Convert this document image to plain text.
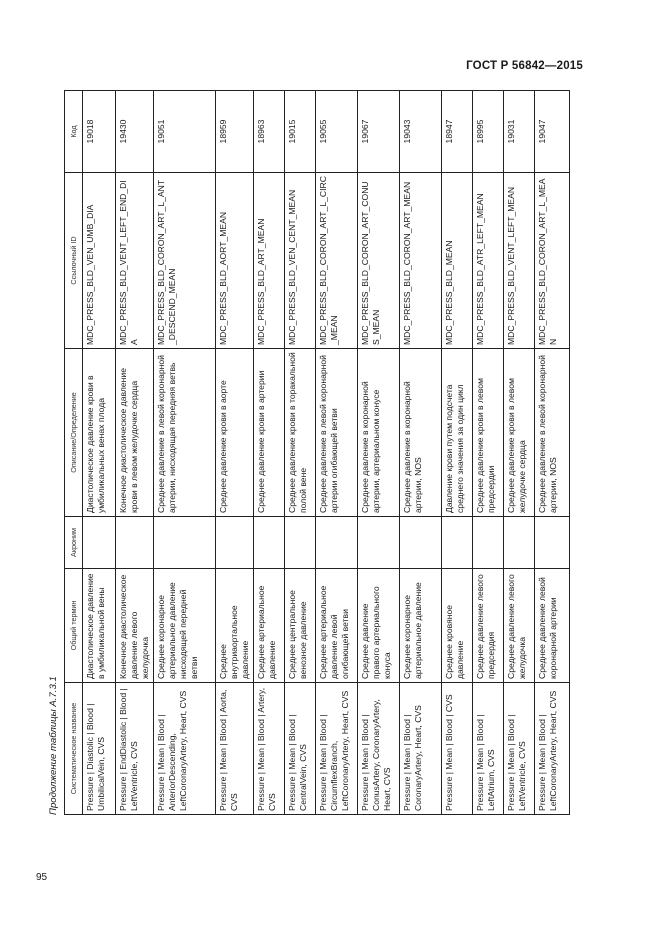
ГОСТ Р 56842—2015
Продолжение таблицы А.7.3.1	Систематическое название	Общий термин	Акроним	Описание/Определение	Ссылочный ID	Код
Pressure | Diastolic | Blood | UmbilicalVein, CVS	Диастолическое давление в умбиликальной вены		Диастолическое давление крови в умбиликальных венах плода	MDC_PRESS_BLD_VEN_UMB_DIA	19018
Pressure | EndDiastolic | Blood | LeftVentricle, CVS	Конечное диастолическое давление левого желудочка		Конечное диастолическое давление крови в левом желудочке сердца	MDC_PRESS_BLD_VENT_LEFT_END_DIA	19430
Pressure | Mean | Blood | AnteriorDescending, LeftCoronaryArtery, Heart, CVS	Среднее коронарное артериальное давление нисходящей передней ветви		Среднее давление в левой коронарной артерии, нисходящая передняя ветвь	MDC_PRESS_BLD_CORON_ART_L_ANT_DESCEND_MEAN	19051
Pressure | Mean | Blood | Aorta, CVS	Среднее внутриаортальное давление		Среднее давление крови в аорте	MDC_PRESS_BLD_AORT_MEAN	18959
Pressure | Mean | Blood | Artery, CVS	Среднее артериальное давление		Среднее давление крови в артерии	MDC_PRESS_BLD_ART_MEAN	18963
Pressure | Mean | Blood | CentralVein, CVS	Среднее центральное венозное давление		Среднее давление крови в торакальной полой вене	MDC_PRESS_BLD_VEN_CENT_MEAN	19015
Pressure | Mean | Blood | CircumflexBranch, LeftCoronaryArtery, Heart, CVS	Среднее артериальное давление левой огибающей ветви		Среднее давление в левой коронарной артерии огибающей ветви	MDC_PRESS_BLD_CORON_ART_L_CIRC_MEAN	19055
Pressure | Mean | Blood | ConusArtery, CoronaryArtery, Heart, CVS	Среднее давление правого артериального конуса		Среднее давление в коронарной артерии, артериальном конусе	MDC_PRESS_BLD_CORON_ART_CONUS_MEAN	19067
Pressure | Mean | Blood | CoronaryArtery, Heart, CVS	Среднее коронарное артериальное давление		Среднее давление в коронарной артерии, NOS	MDC_PRESS_BLD_CORON_ART_MEAN	19043
Pressure | Mean | Blood | CVS	Среднее кровяное давление		Давление крови путем подсчета среднего значения за один цикл	MDC_PRESS_BLD_MEAN	18947
Pressure | Mean | Blood | LeftAtrium, CVS	Среднее давление левого предсердия		Среднее давление крови в левом предсердии	MDC_PRESS_BLD_ATR_LEFT_MEAN	18995
Pressure | Mean | Blood | LeftVentricle, CVS	Среднее давление левого желудочка		Среднее давление крови в левом желудочке сердца	MDC_PRESS_BLD_VENT_LEFT_MEAN	19031
Pressure | Mean | Blood | LeftCoronaryArtery, Heart, CVS	Среднее давление левой коронарной артерии		Среднее давление в левой коронарной артерии, NOS	MDC_PRESS_BLD_CORON_ART_L_MEAN	19047
95
